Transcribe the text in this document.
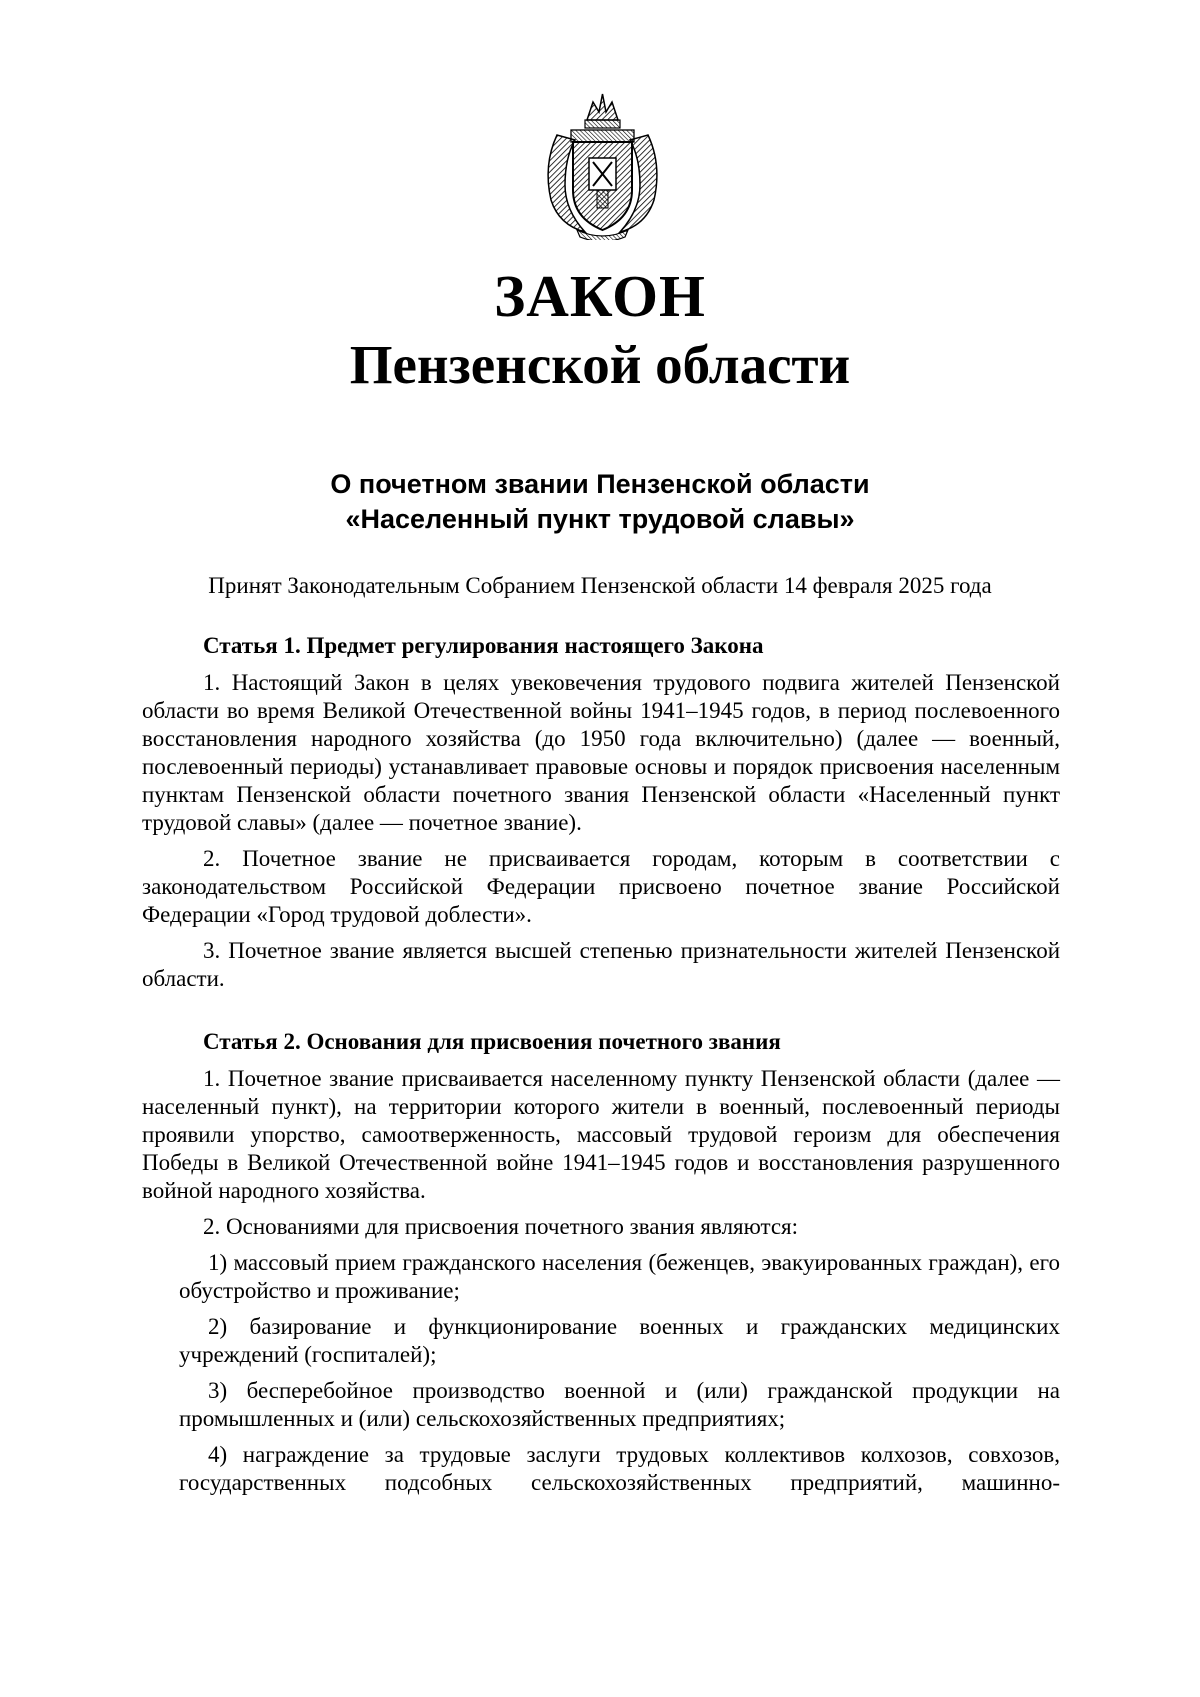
ЗАКОН
Пензенской области
О почетном звании Пензенской области
«Населенный пункт трудовой славы»
Принят Законодательным Собранием Пензенской области 14 февраля 2025 года
Статья 1. Предмет регулирования настоящего Закона

1. Настоящий Закон в целях увековечения трудового подвига жителей Пензенской области во время Великой Отечественной войны 1941–1945 годов, в период послевоенного восстановления народного хозяйства (до 1950 года включительно) (далее — военный, послевоенный периоды) устанавливает правовые основы и порядок присвоения населенным пунктам Пензенской области почетного звания Пензенской области «Населенный пункт трудовой славы» (далее — почетное звание).

2. Почетное звание не присваивается городам, которым в соответствии с законодательством Российской Федерации присвоено почетное звание Российской Федерации «Город трудовой доблести».

3. Почетное звание является высшей степенью признательности жителей Пензенской области.

Статья 2. Основания для присвоения почетного звания

1. Почетное звание присваивается населенному пункту Пензенской области (далее — населенный пункт), на территории которого жители в военный, послевоенный периоды проявили упорство, самоотверженность, массовый трудовой героизм для обеспечения Победы в Великой Отечественной войне 1941–1945 годов и восстановления разрушенного войной народного хозяйства.

2. Основаниями для присвоения почетного звания являются:

1) массовый прием гражданского населения (беженцев, эвакуированных граждан), его обустройство и проживание;

2) базирование и функционирование военных и гражданских медицинских учреждений (госпиталей);

3) бесперебойное производство военной и (или) гражданской продукции на промышленных и (или) сельскохозяйственных предприятиях;

4) награждение за трудовые заслуги трудовых коллективов колхозов, совхозов, государственных подсобных сельскохозяйственных предприятий, машинно-
